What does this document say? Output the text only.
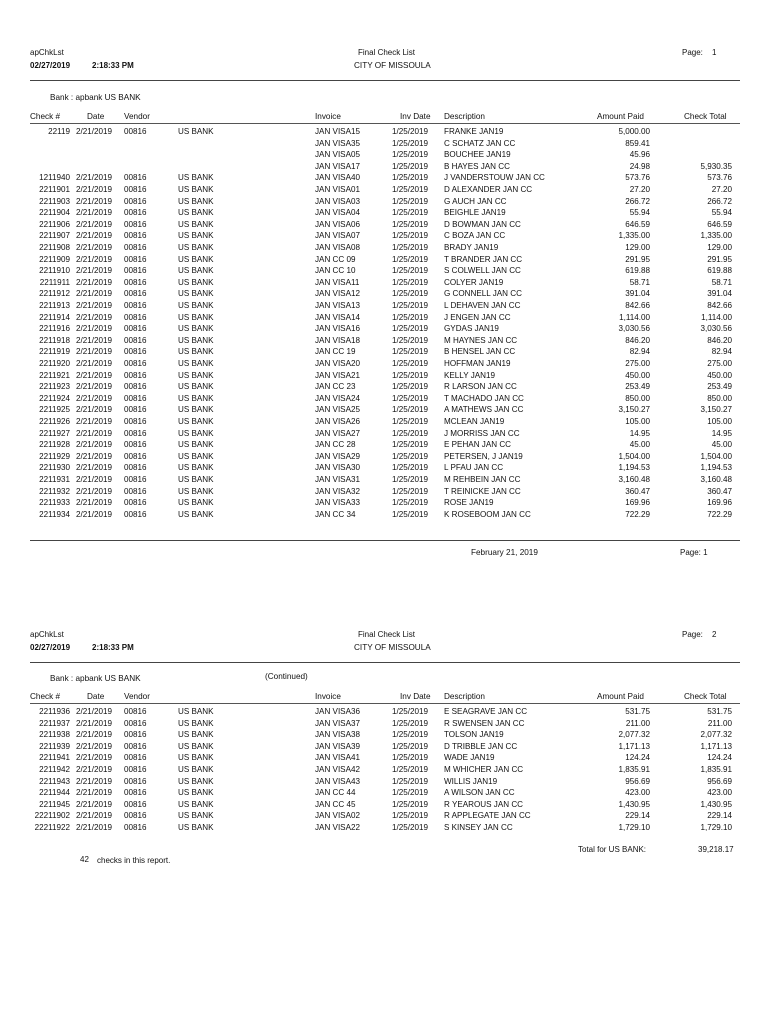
apChkLst
02/27/2019	2:18:33 PM
Final Check List
CITY OF MISSOULA
Page: 1
Bank : apbank US BANK
Check #	Date Vendor	Invoice	Inv Date Description	Amount Paid	Check Total
22119 2/21/2019 00816	US BANK	JAN VISA15	1/25/2019 FRANKE JAN19	5,000.00
JAN VISA35	1/25/2019 C SCHATZ JAN CC	859.41
JAN VISA05	1/25/2019 BOUCHEE JAN19	45.96
JAN VISA17	1/25/2019 B HAYES JAN CC	24.98	5,930.35
1211940 2/21/2019 00816	US BANK	JAN VISA40	1/25/2019 J VANDERSTOUW JAN CC	573.76	573.76
2211901 2/21/2019 00816	US BANK	JAN VISA01	1/25/2019 D ALEXANDER JAN CC	27.20	27.20
2211903 2/21/2019 00816	US BANK	JAN VISA03	1/25/2019 G AUCH JAN CC	266.72	266.72
2211904 2/21/2019 00816	US BANK	JAN VISA04	1/25/2019 BEIGHLE JAN19	55.94	55.94
2211906 2/21/2019 00816	US BANK	JAN VISA06	1/25/2019 D BOWMAN JAN CC	646.59	646.59
2211907 2/21/2019 00816	US BANK	JAN VISA07	1/25/2019 C BOZA JAN CC	1,335.00	1,335.00
2211908 2/21/2019 00816	US BANK	JAN VISA08	1/25/2019 BRADY JAN19	129.00	129.00
2211909 2/21/2019 00816	US BANK	JAN CC 09	1/25/2019 T BRANDER JAN CC	291.95	291.95
2211910 2/21/2019 00816	US BANK	JAN CC 10	1/25/2019 S COLWELL JAN CC	619.88	619.88
2211911 2/21/2019 00816	US BANK	JAN VISA11	1/25/2019 COLYER JAN19	58.71	58.71
2211912 2/21/2019 00816	US BANK	JAN VISA12	1/25/2019 G CONNELL JAN CC	391.04	391.04
2211913 2/21/2019 00816	US BANK	JAN VISA13	1/25/2019 L DEHAVEN JAN CC	842.66	842.66
2211914 2/21/2019 00816	US BANK	JAN VISA14	1/25/2019 J ENGEN JAN CC	1,114.00	1,114.00
2211916 2/21/2019 00816	US BANK	JAN VISA16	1/25/2019 GYDAS JAN19	3,030.56	3,030.56
2211918 2/21/2019 00816	US BANK	JAN VISA18	1/25/2019 M HAYNES JAN CC	846.20	846.20
2211919 2/21/2019 00816	US BANK	JAN CC 19	1/25/2019 B HENSEL JAN CC	82.94	82.94
2211920 2/21/2019 00816	US BANK	JAN VISA20	1/25/2019 HOFFMAN JAN19	275.00	275.00
2211921 2/21/2019 00816	US BANK	JAN VISA21	1/25/2019 KELLY JAN19	450.00	450.00
2211923 2/21/2019 00816	US BANK	JAN CC 23	1/25/2019 R LARSON JAN CC	253.49	253.49
2211924 2/21/2019 00816	US BANK	JAN VISA24	1/25/2019 T MACHADO JAN CC	850.00	850.00
2211925 2/21/2019 00816	US BANK	JAN VISA25	1/25/2019 A MATHEWS JAN CC	3,150.27	3,150.27
2211926 2/21/2019 00816	US BANK	JAN VISA26	1/25/2019 MCLEAN JAN19	105.00	105.00
2211927 2/21/2019 00816	US BANK	JAN VISA27	1/25/2019 J MORRISS JAN CC	14.95	14.95
2211928 2/21/2019 00816	US BANK	JAN CC 28	1/25/2019 E PEHAN JAN CC	45.00	45.00
2211929 2/21/2019 00816	US BANK	JAN VISA29	1/25/2019 PETERSEN, J JAN19	1,504.00	1,504.00
2211930 2/21/2019 00816	US BANK	JAN VISA30	1/25/2019 L PFAU JAN CC	1,194.53	1,194.53
2211931 2/21/2019 00816	US BANK	JAN VISA31	1/25/2019 M REHBEIN JAN CC	3,160.48	3,160.48
2211932 2/21/2019 00816	US BANK	JAN VISA32	1/25/2019 T REINICKE JAN CC	360.47	360.47
2211933 2/21/2019 00816	US BANK	JAN VISA33	1/25/2019 ROSE JAN19	169.96	169.96
2211934 2/21/2019 00816	US BANK	JAN CC 34	1/25/2019 K ROSEBOOM JAN CC	722.29	722.29
February 21, 2019	Page: 1
apChkLst
02/27/2019	2:18:33 PM
Final Check List
CITY OF MISSOULA
Page: 2
Bank : apbank US BANK	(Continued)
Check #	Date Vendor	Invoice	Inv Date Description	Amount Paid	Check Total
2211936 2/21/2019 00816	US BANK	JAN VISA36	1/25/2019 E SEAGRAVE JAN CC	531.75	531.75
2211937 2/21/2019 00816	US BANK	JAN VISA37	1/25/2019 R SWENSEN JAN CC	211.00	211.00
2211938 2/21/2019 00816	US BANK	JAN VISA38	1/25/2019 TOLSON JAN19	2,077.32	2,077.32
2211939 2/21/2019 00816	US BANK	JAN VISA39	1/25/2019 D TRIBBLE JAN CC	1,171.13	1,171.13
2211941 2/21/2019 00816	US BANK	JAN VISA41	1/25/2019 WADE JAN19	124.24	124.24
2211942 2/21/2019 00816	US BANK	JAN VISA42	1/25/2019 M WHICHER JAN CC	1,835.91	1,835.91
2211943 2/21/2019 00816	US BANK	JAN VISA43	1/25/2019 WILLIS JAN19	956.69	956.69
2211944 2/21/2019 00816	US BANK	JAN CC 44	1/25/2019 A WILSON JAN CC	423.00	423.00
2211945 2/21/2019 00816	US BANK	JAN CC 45	1/25/2019 R YEAROUS JAN CC	1,430.95	1,430.95
22211902 2/21/2019 00816	US BANK	JAN VISA02	1/25/2019 R APPLEGATE JAN CC	229.14	229.14
22211922 2/21/2019 00816	US BANK	JAN VISA22	1/25/2019 S KINSEY JAN CC	1,729.10	1,729.10
Total for US BANK:	39,218.17
42 checks in this report.
